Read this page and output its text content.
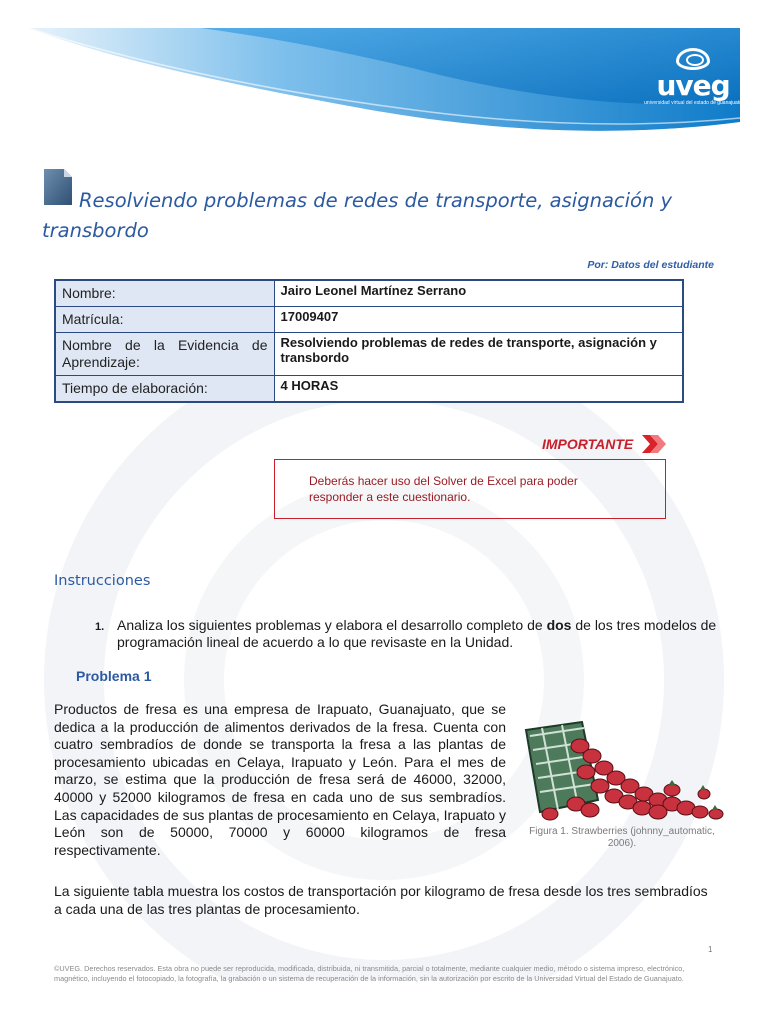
uveg
universidad virtual del estado de guanajuato
Resolviendo problemas de redes de transporte, asignación y transbordo
Por: Datos del estudiante
Nombre:	Jairo Leonel Martínez Serrano
Matrícula:	17009407
Nombre de la Evidencia de Aprendizaje:	Resolviendo problemas de redes de transporte, asignación y transbordo
Tiempo de elaboración:	4 HORAS
IMPORTANTE
Deberás hacer uso del Solver de Excel para poder responder a este cuestionario.
Instrucciones
1. Analiza los siguientes problemas y elabora el desarrollo completo de dos de los tres modelos de programación lineal de acuerdo a lo que revisaste en la Unidad.
Problema 1
Productos de fresa es una empresa de Irapuato, Guanajuato, que se dedica a la producción de alimentos derivados de la fresa. Cuenta con cuatro sembradíos de donde se transporta la fresa a las plantas de procesamiento ubicadas en Celaya, Irapuato y León. Para el mes de marzo, se estima que la producción de fresa será de 46000, 32000, 40000 y 52000 kilogramos de fresa en cada uno de sus sembradíos. Las capacidades de sus plantas de procesamiento en Celaya, Irapuato y León son de 50000, 70000 y 60000 kilogramos de fresa respectivamente.
Figura 1. Strawberries (johnny_automatic, 2006).
La siguiente tabla muestra los costos de transportación por kilogramo de fresa desde los tres sembradíos a cada una de las tres plantas de procesamiento.
1
©UVEG. Derechos reservados. Esta obra no puede ser reproducida, modificada, distribuida, ni transmitida, parcial o totalmente, mediante cualquier medio, método o sistema impreso, electrónico, magnético, incluyendo el fotocopiado, la fotografía, la grabación o un sistema de recuperación de la información, sin la autorización por escrito de la Universidad Virtual del Estado de Guanajuato.
